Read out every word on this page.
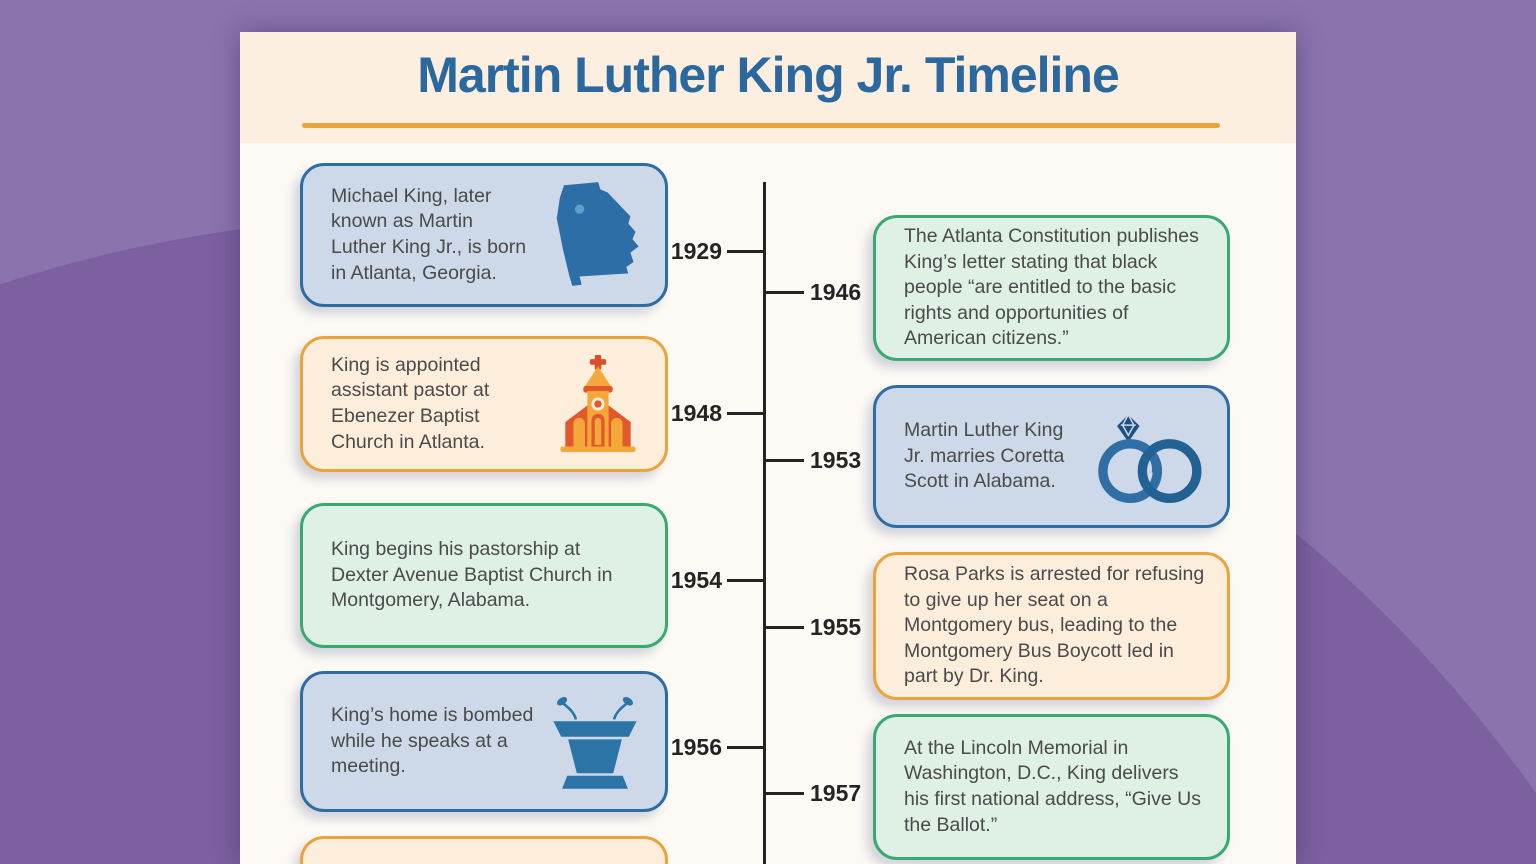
Martin Luther King Jr. Timeline
1929
1946
1948
1953
1954
1955
1956
1957
Michael King, later known as Martin Luther King Jr., is born in Atlanta, Georgia.
The Atlanta Constitution publishes King’s letter stating that black people “are entitled to the basic rights and opportunities of American citizens.”
King is appointed assistant pastor at Ebenezer Baptist Church in Atlanta.
Martin Luther King Jr. marries Coretta Scott in Alabama.
King begins his pastorship at Dexter Avenue Baptist Church in Montgomery, Alabama.
Rosa Parks is arrested for refusing to give up her seat on a Montgomery bus, leading to the Montgomery Bus Boycott led in part by Dr. King.
King’s home is bombed while he speaks at a meeting.
At the Lincoln Memorial in Washington, D.C., King delivers his first national address, “Give Us the Ballot.”
